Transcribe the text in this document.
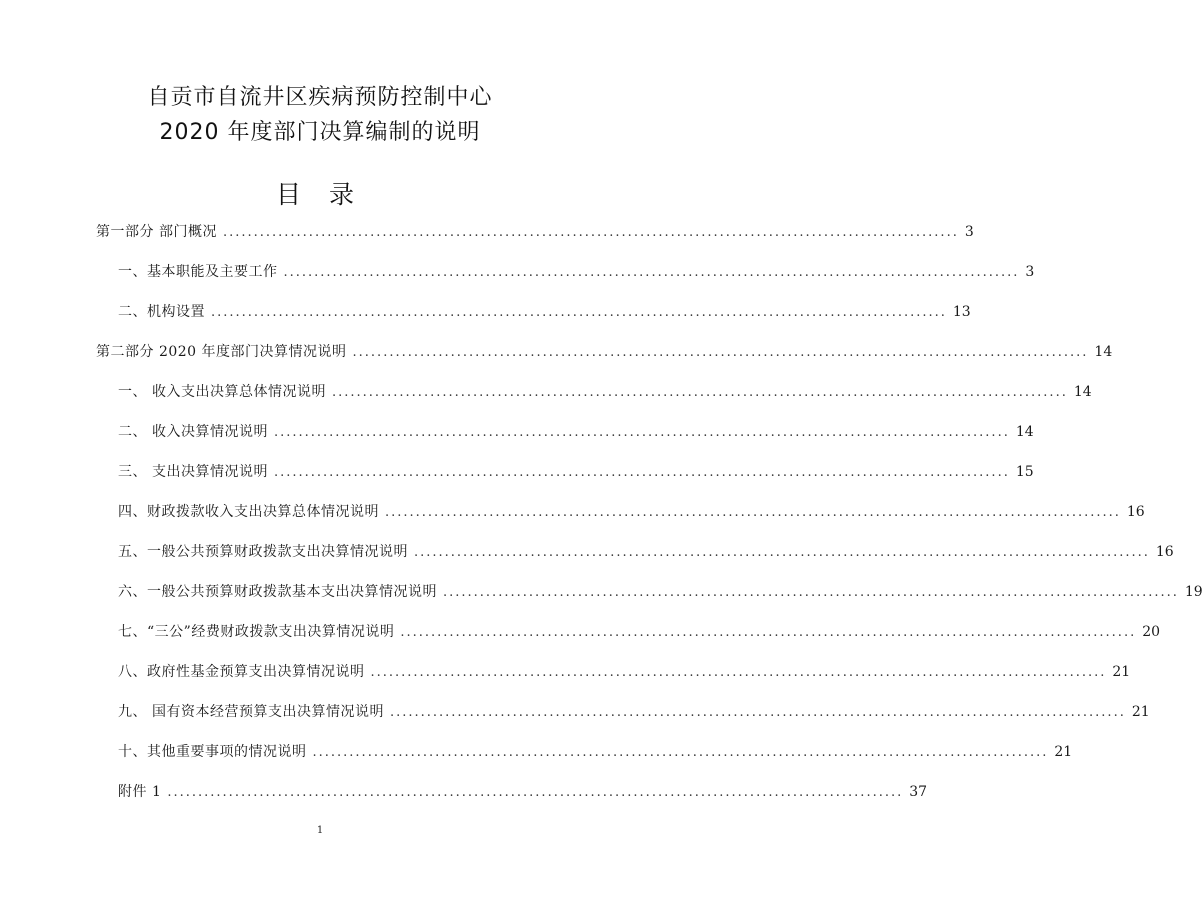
自贡市自流井区疾病预防控制中心
2020 年度部门决算编制的说明
目 录
第一部分 部门概况 ........................................................................................................................ 3
一、基本职能及主要工作 ........................................................................................................................ 3
二、机构设置 ........................................................................................................................ 13
第二部分 2020 年度部门决算情况说明 ........................................................................................................................ 14
一、 收入支出决算总体情况说明 ........................................................................................................................ 14
二、 收入决算情况说明 ........................................................................................................................ 14
三、 支出决算情况说明 ........................................................................................................................ 15
四、财政拨款收入支出决算总体情况说明 ........................................................................................................................ 16
五、一般公共预算财政拨款支出决算情况说明 ........................................................................................................................ 16
六、一般公共预算财政拨款基本支出决算情况说明 ........................................................................................................................ 19
七、“三公”经费财政拨款支出决算情况说明 ........................................................................................................................ 20
八、政府性基金预算支出决算情况说明 ........................................................................................................................ 21
九、 国有资本经营预算支出决算情况说明 ........................................................................................................................ 21
十、其他重要事项的情况说明 ........................................................................................................................ 21
附件 1 ........................................................................................................................ 37
1
